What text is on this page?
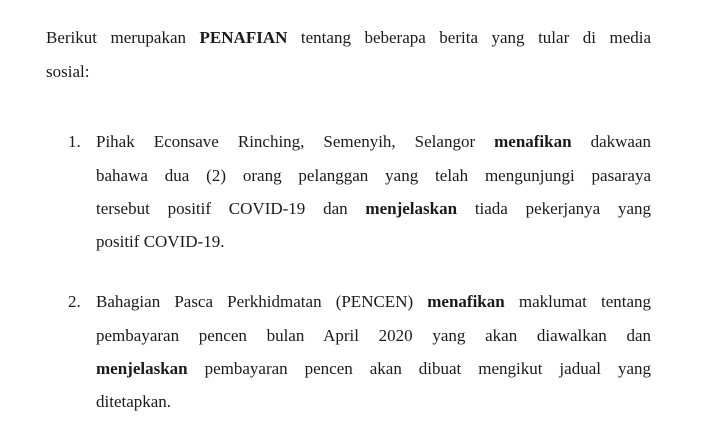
Berikut merupakan PENAFIAN tentang beberapa berita yang tular di media
sosial:
1. Pihak Econsave Rinching, Semenyih, Selangor menafikan dakwaan
bahawa dua (2) orang pelanggan yang telah mengunjungi pasaraya
tersebut positif COVID-19 dan menjelaskan tiada pekerjanya yang
positif COVID-19.
2. Bahagian Pasca Perkhidmatan (PENCEN) menafikan maklumat tentang
pembayaran pencen bulan April 2020 yang akan diawalkan dan
menjelaskan pembayaran pencen akan dibuat mengikut jadual yang
ditetapkan.
